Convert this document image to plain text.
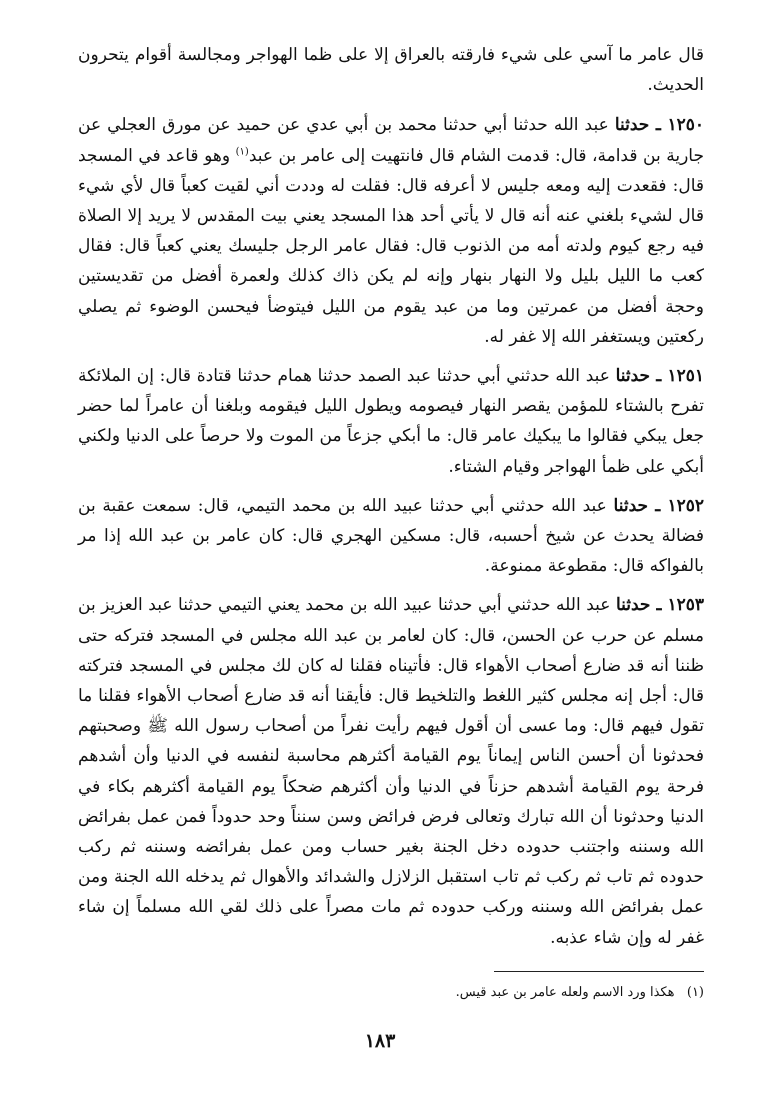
قال عامر ما آسي على شيء فارقته بالعراق إلا على ظما الهواجر ومجالسة أقوام يتحرون الحديث.

١٢٥٠ ـ حدثنا عبد الله حدثنا أبي حدثنا محمد بن أبي عدي عن حميد عن مورق العجلي عن جارية بن قدامة، قال: قدمت الشام قال فانتهيت إلى عامر بن عبد$^{(١)}$ وهو قاعد في المسجد قال: فقعدت إليه ومعه جليس لا أعرفه قال: فقلت له وددت أني لقيت كعباً قال لأي شيء قال لشيء بلغني عنه أنه قال لا يأتي أحد هذا المسجد يعني بيت المقدس لا يريد إلا الصلاة فيه رجع كيوم ولدته أمه من الذنوب قال: فقال عامر الرجل جليسك يعني كعباً قال: فقال كعب ما الليل بليل ولا النهار بنهار وإنه لم يكن ذاك كذلك ولعمرة أفضل من تقديستين وحجة أفضل من عمرتين وما من عبد يقوم من الليل فيتوضأ فيحسن الوضوء ثم يصلي ركعتين ويستغفر الله إلا غفر له.

١٢٥١ ـ حدثنا عبد الله حدثني أبي حدثنا عبد الصمد حدثنا همام حدثنا قتادة قال: إن الملائكة تفرح بالشتاء للمؤمن يقصر النهار فيصومه ويطول الليل فيقومه وبلغنا أن عامراً لما حضر جعل يبكي فقالوا ما يبكيك عامر قال: ما أبكي جزعاً من الموت ولا حرصاً على الدنيا ولكني أبكي على ظمأ الهواجر وقيام الشتاء.

١٢٥٢ ـ حدثنا عبد الله حدثني أبي حدثنا عبيد الله بن محمد التيمي، قال: سمعت عقبة بن فضالة يحدث عن شيخ أحسبه، قال: مسكين الهجري قال: كان عامر بن عبد الله إذا مر بالفواكه قال: مقطوعة ممنوعة.

١٢٥٣ ـ حدثنا عبد الله حدثني أبي حدثنا عبيد الله بن محمد يعني التيمي حدثنا عبد العزيز بن مسلم عن حرب عن الحسن، قال: كان لعامر بن عبد الله مجلس في المسجد فتركه حتى ظننا أنه قد ضارع أصحاب الأهواء قال: فأتيناه فقلنا له كان لك مجلس في المسجد فتركته قال: أجل إنه مجلس كثير اللغط والتلخيط قال: فأيقنا أنه قد ضارع أصحاب الأهواء فقلنا ما تقول فيهم قال: وما عسى أن أقول فيهم رأيت نفراً من أصحاب رسول الله ﷺ وصحبتهم فحدثونا أن أحسن الناس إيماناً يوم القيامة أكثرهم محاسبة لنفسه في الدنيا وأن أشدهم فرحة يوم القيامة أشدهم حزناً في الدنيا وأن أكثرهم ضحكاً يوم القيامة أكثرهم بكاء في الدنيا وحدثونا أن الله تبارك وتعالى فرض فرائض وسن سنناً وحد حدوداً فمن عمل بفرائض الله وسننه واجتنب حدوده دخل الجنة بغير حساب ومن عمل بفرائضه وسننه ثم ركب حدوده ثم تاب ثم ركب ثم تاب استقبل الزلازل والشدائد والأهوال ثم يدخله الله الجنة ومن عمل بفرائض الله وسننه وركب حدوده ثم مات مصراً على ذلك لقي الله مسلماً إن شاء غفر له وإن شاء عذبه.

(١)   هكذا ورد الاسم ولعله عامر بن عبد قيس.
١٨٣
